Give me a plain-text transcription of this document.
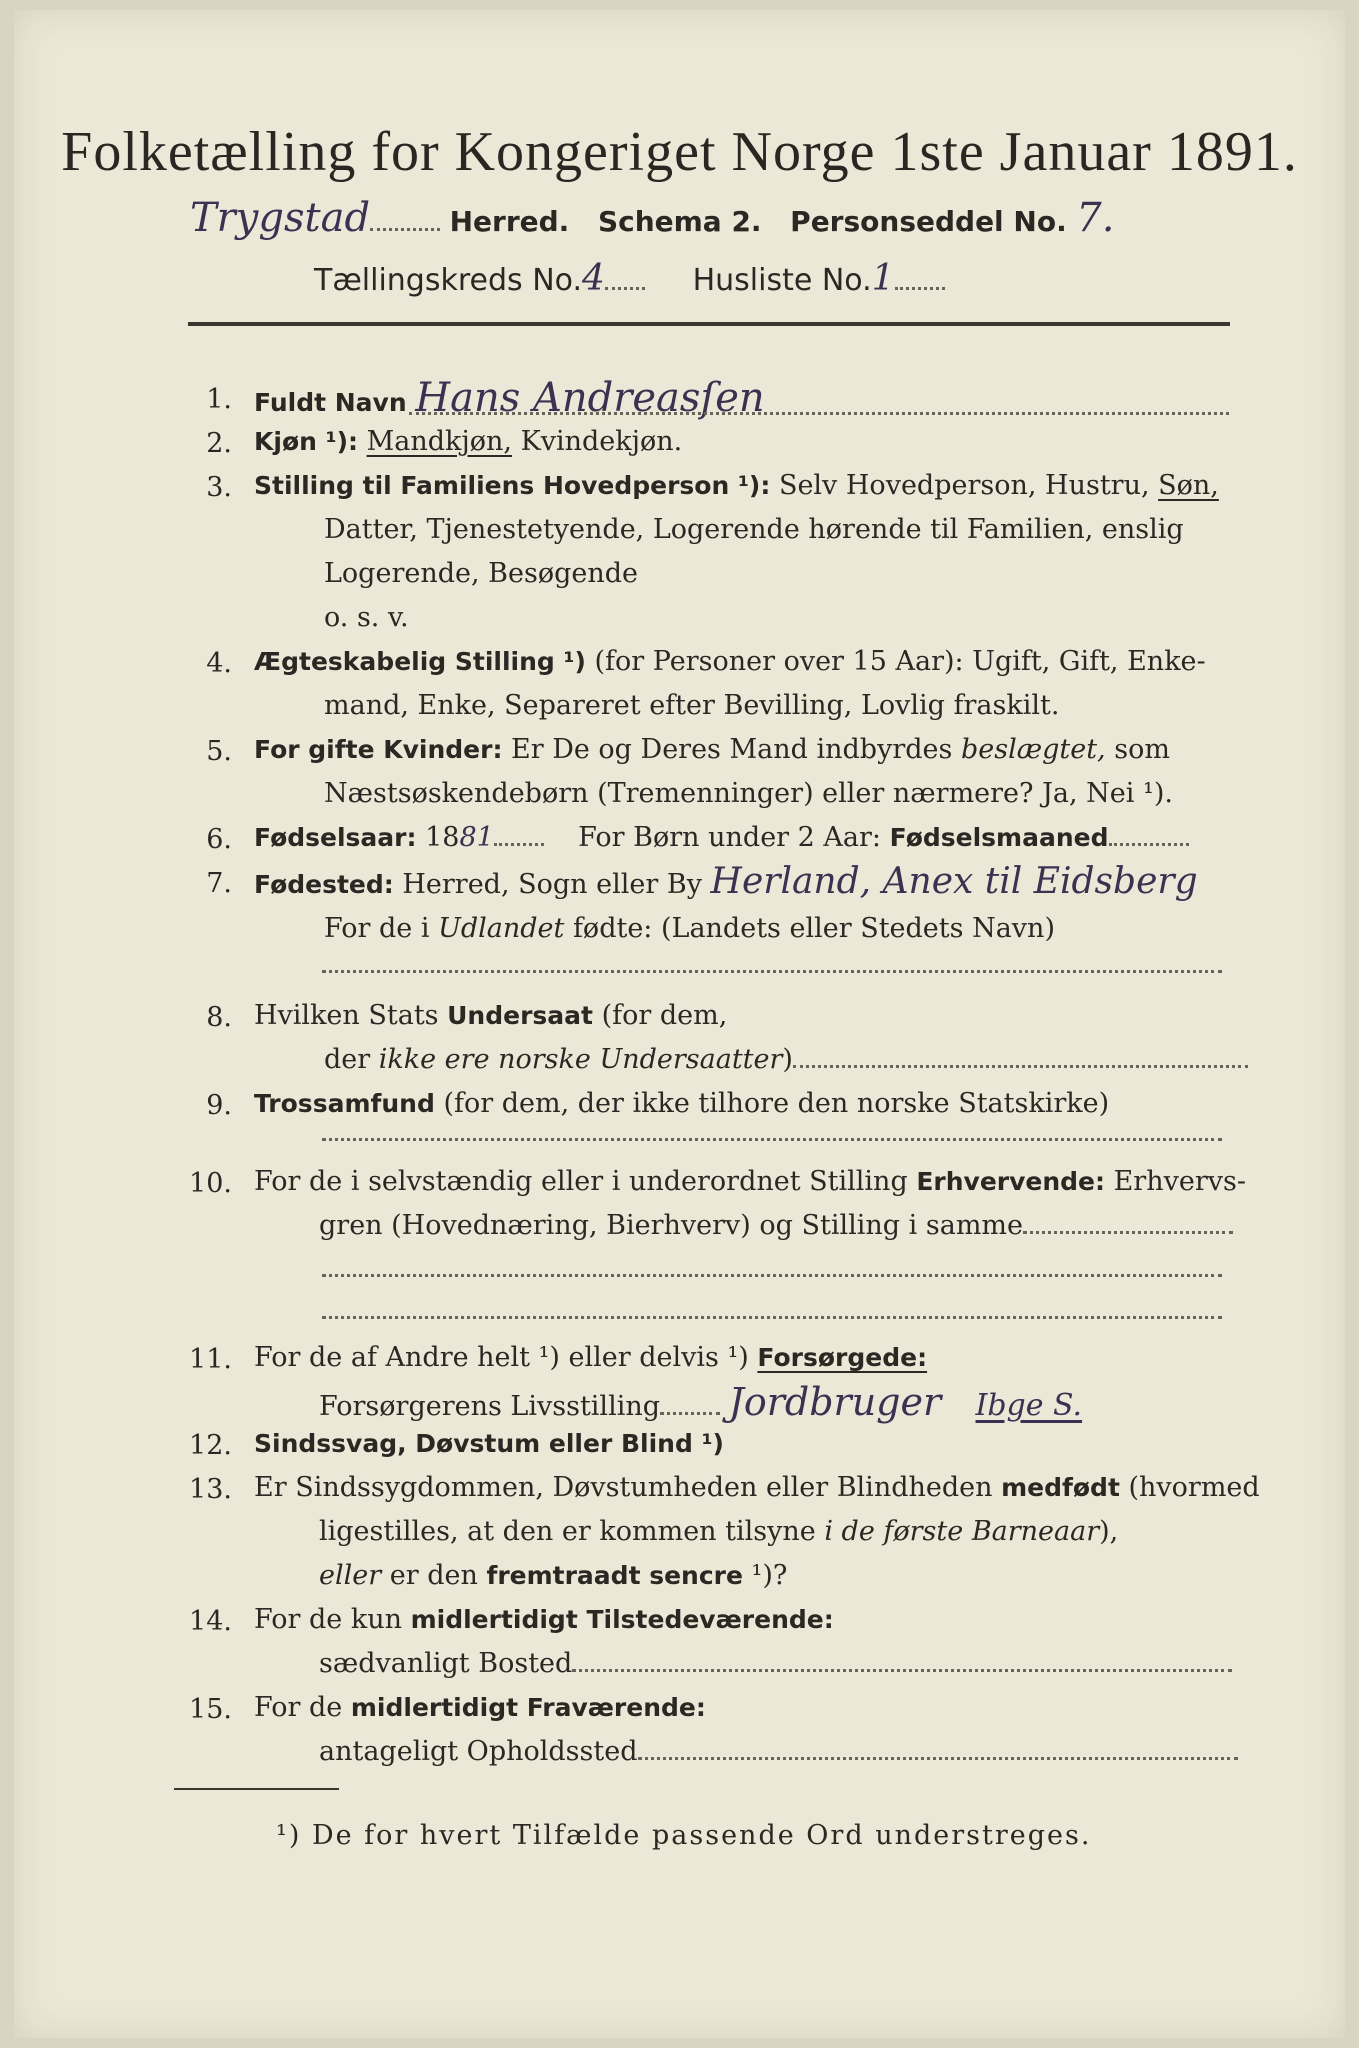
Folketælling for Kongeriget Norge 1ste Januar 1891.
Trygstad	Herred. Schema 2. Personseddel No. 7.
Tællingskreds No.4	Husliste No.1
1. Fuldt Navn Hans Andreasſen
2. Kjøn ¹): Mandkjøn, Kvindekjøn.
3. Stilling til Familiens Hovedperson ¹): Selv Hovedperson, Hustru, Søn,
Datter, Tjenestetyende, Logerende hørende til Familien, enslig
Logerende, Besøgende
o. s. v.
4. Ægteskabelig Stilling ¹) (for Personer over 15 Aar): Ugift, Gift, Enke-
mand, Enke, Separeret efter Bevilling, Lovlig fraskilt.
5. For gifte Kvinder: Er De og Deres Mand indbyrdes beslægtet, som
Næstsøskendebørn (Tremenninger) eller nærmere? Ja, Nei ¹).
6. Fødselsaar: 1881	For Børn under 2 Aar: Fødselsmaaned
7. Fødested: Herred, Sogn eller By Herland, Anex til Eidsberg
For de i Udlandet fødte: (Landets eller Stedets Navn)
8. Hvilken Stats Undersaat (for dem,
der ikke ere norske Undersaatter)
9. Trossamfund (for dem, der ikke tilhore den norske Statskirke)
10. For de i selvstændig eller i underordnet Stilling Erhvervende: Erhvervs-
gren (Hovednæring, Bierhverv) og Stilling i samme
11. For de af Andre helt ¹) eller delvis ¹) Forsørgede:
Forsørgerens Livsstilling Jordbruger Ibge S.
12. Sindssvag, Døvstum eller Blind ¹)
13. Er Sindssygdommen, Døvstumheden eller Blindheden medfødt (hvormed
ligestilles, at den er kommen tilsyne i de første Barneaar),
eller er den fremtraadt sencre ¹)?
14. For de kun midlertidigt Tilstedeværende:
sædvanligt Bosted
15. For de midlertidigt Fraværende:
antageligt Opholdssted
¹) De for hvert Tilfælde passende Ord understreges.
